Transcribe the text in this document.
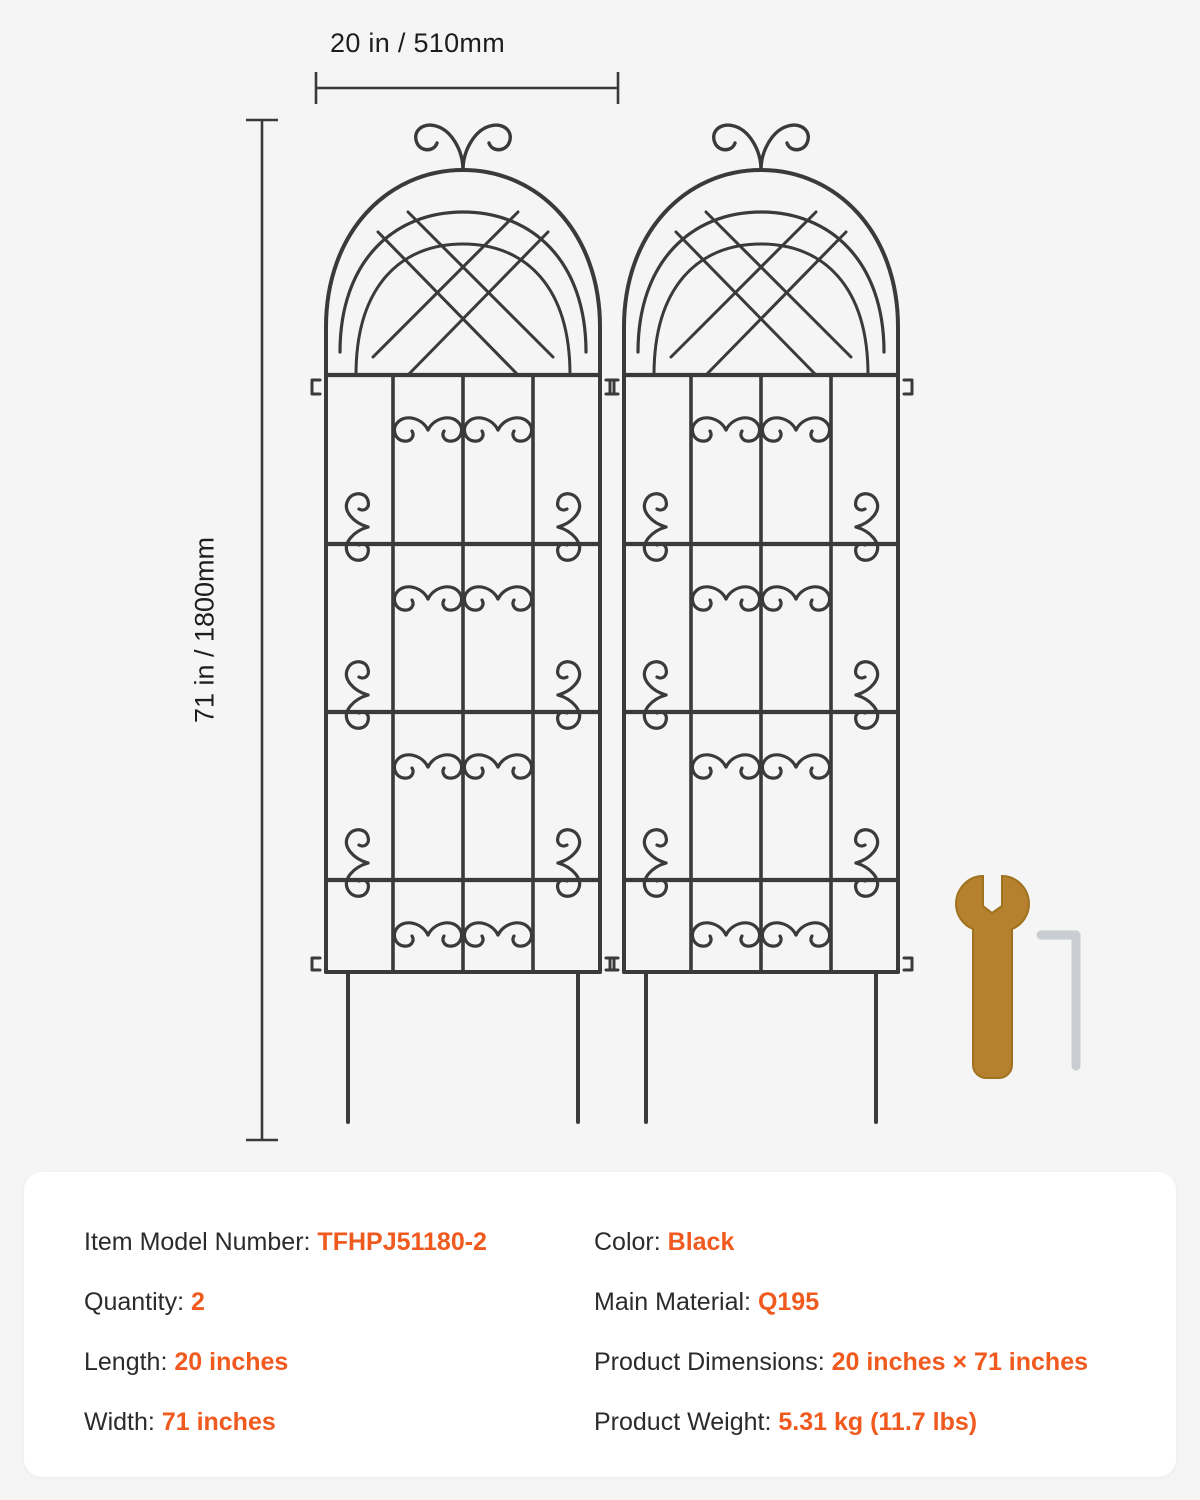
20 in / 510mm
71 in / 1800mm
Item Model Number: TFHPJ51180-2	Color: Black
Quantity: 2	Main Material: Q195
Length: 20 inches	Product Dimensions: 20 inches × 71 inches
Width: 71 inches	Product Weight: 5.31 kg (11.7 lbs)
